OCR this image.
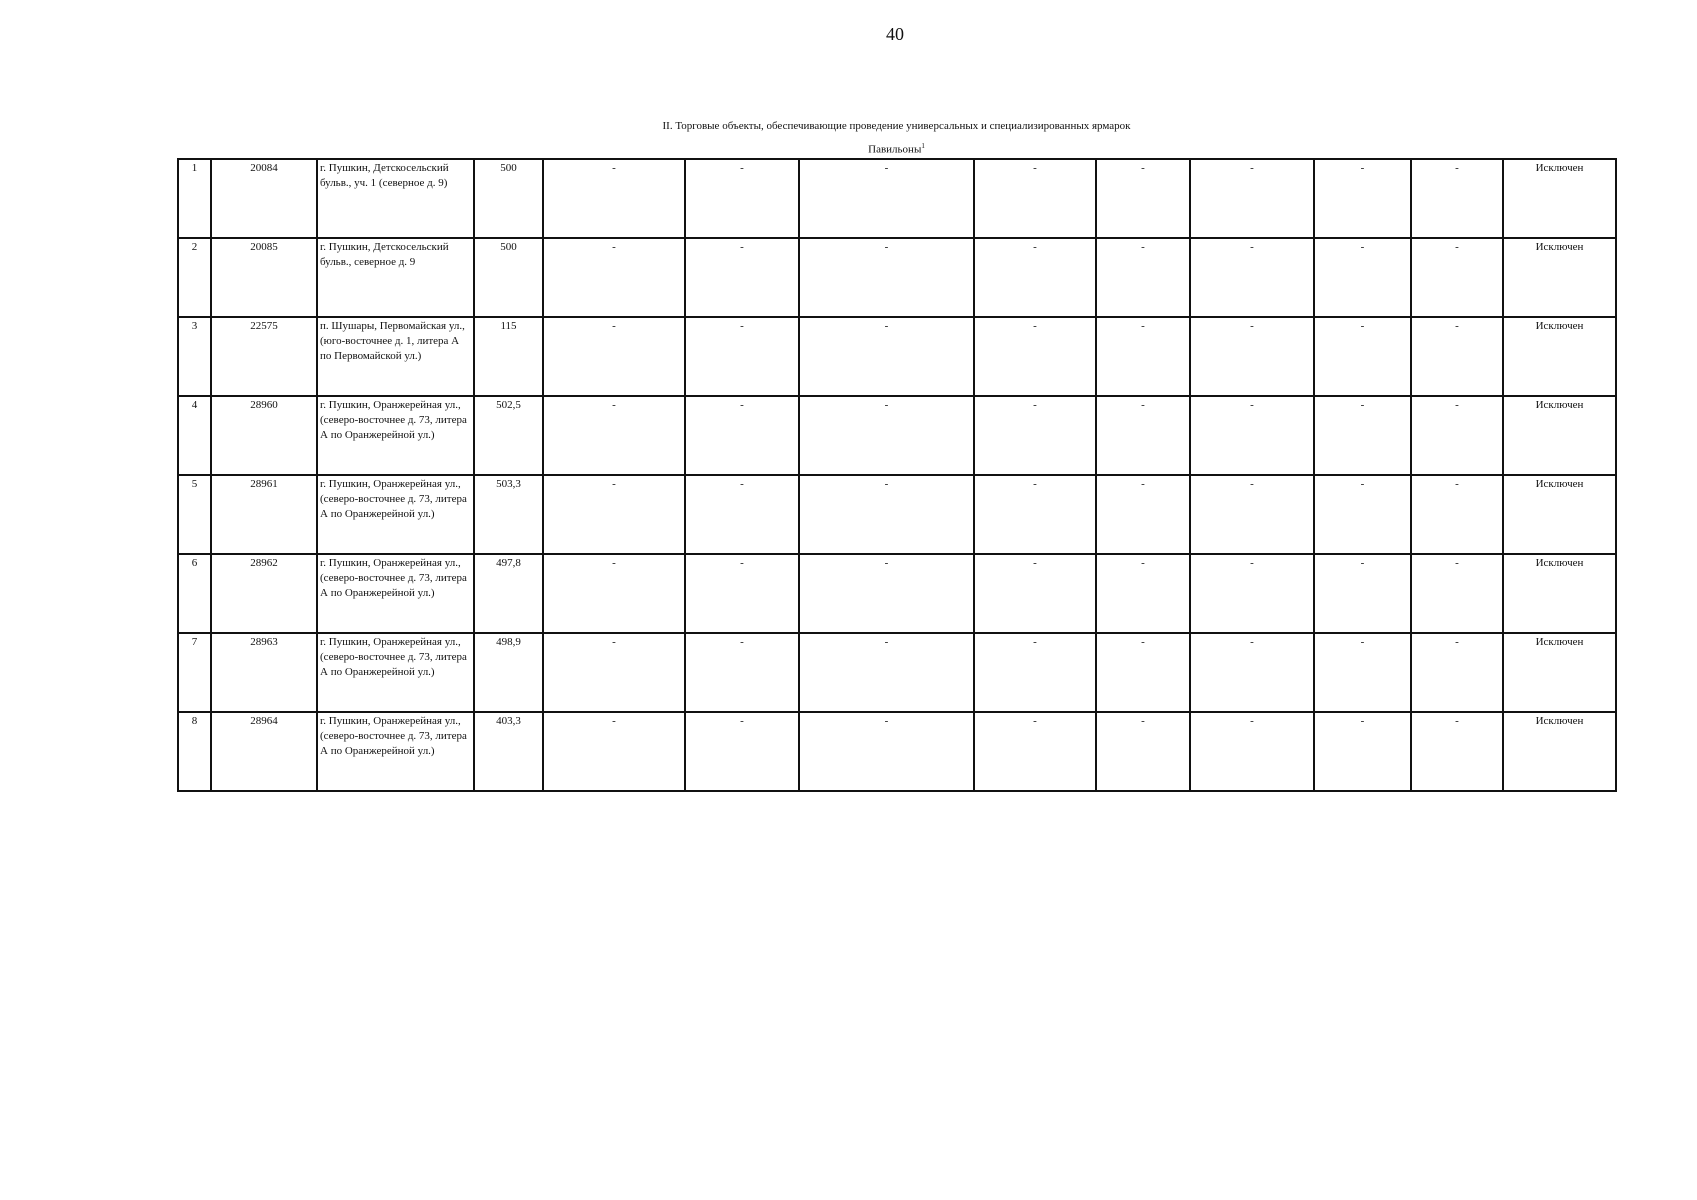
40
II. Торговые объекты, обеспечивающие проведение универсальных и специализированных ярмарок
Павильоны$^1$
1	20084	г. Пушкин, Детскосельский бульв., уч. 1 (северное д. 9)	500	-	-	-	-	-	-	-	-	Исключен
2	20085	г. Пушкин, Детскосельский бульв., северное д. 9	500	-	-	-	-	-	-	-	-	Исключен
3	22575	п. Шушары, Первомайская ул., (юго-восточнее д. 1, литера А по Первомайской ул.)	115	-	-	-	-	-	-	-	-	Исключен
4	28960	г. Пушкин, Оранжерейная ул., (северо-восточнее д. 73, литера А по Оранжерейной ул.)	502,5	-	-	-	-	-	-	-	-	Исключен
5	28961	г. Пушкин, Оранжерейная ул., (северо-восточнее д. 73, литера А по Оранжерейной ул.)	503,3	-	-	-	-	-	-	-	-	Исключен
6	28962	г. Пушкин, Оранжерейная ул., (северо-восточнее д. 73, литера А по Оранжерейной ул.)	497,8	-	-	-	-	-	-	-	-	Исключен
7	28963	г. Пушкин, Оранжерейная ул., (северо-восточнее д. 73, литера А по Оранжерейной ул.)	498,9	-	-	-	-	-	-	-	-	Исключен
8	28964	г. Пушкин, Оранжерейная ул., (северо-восточнее д. 73, литера А по Оранжерейной ул.)	403,3	-	-	-	-	-	-	-	-	Исключен
